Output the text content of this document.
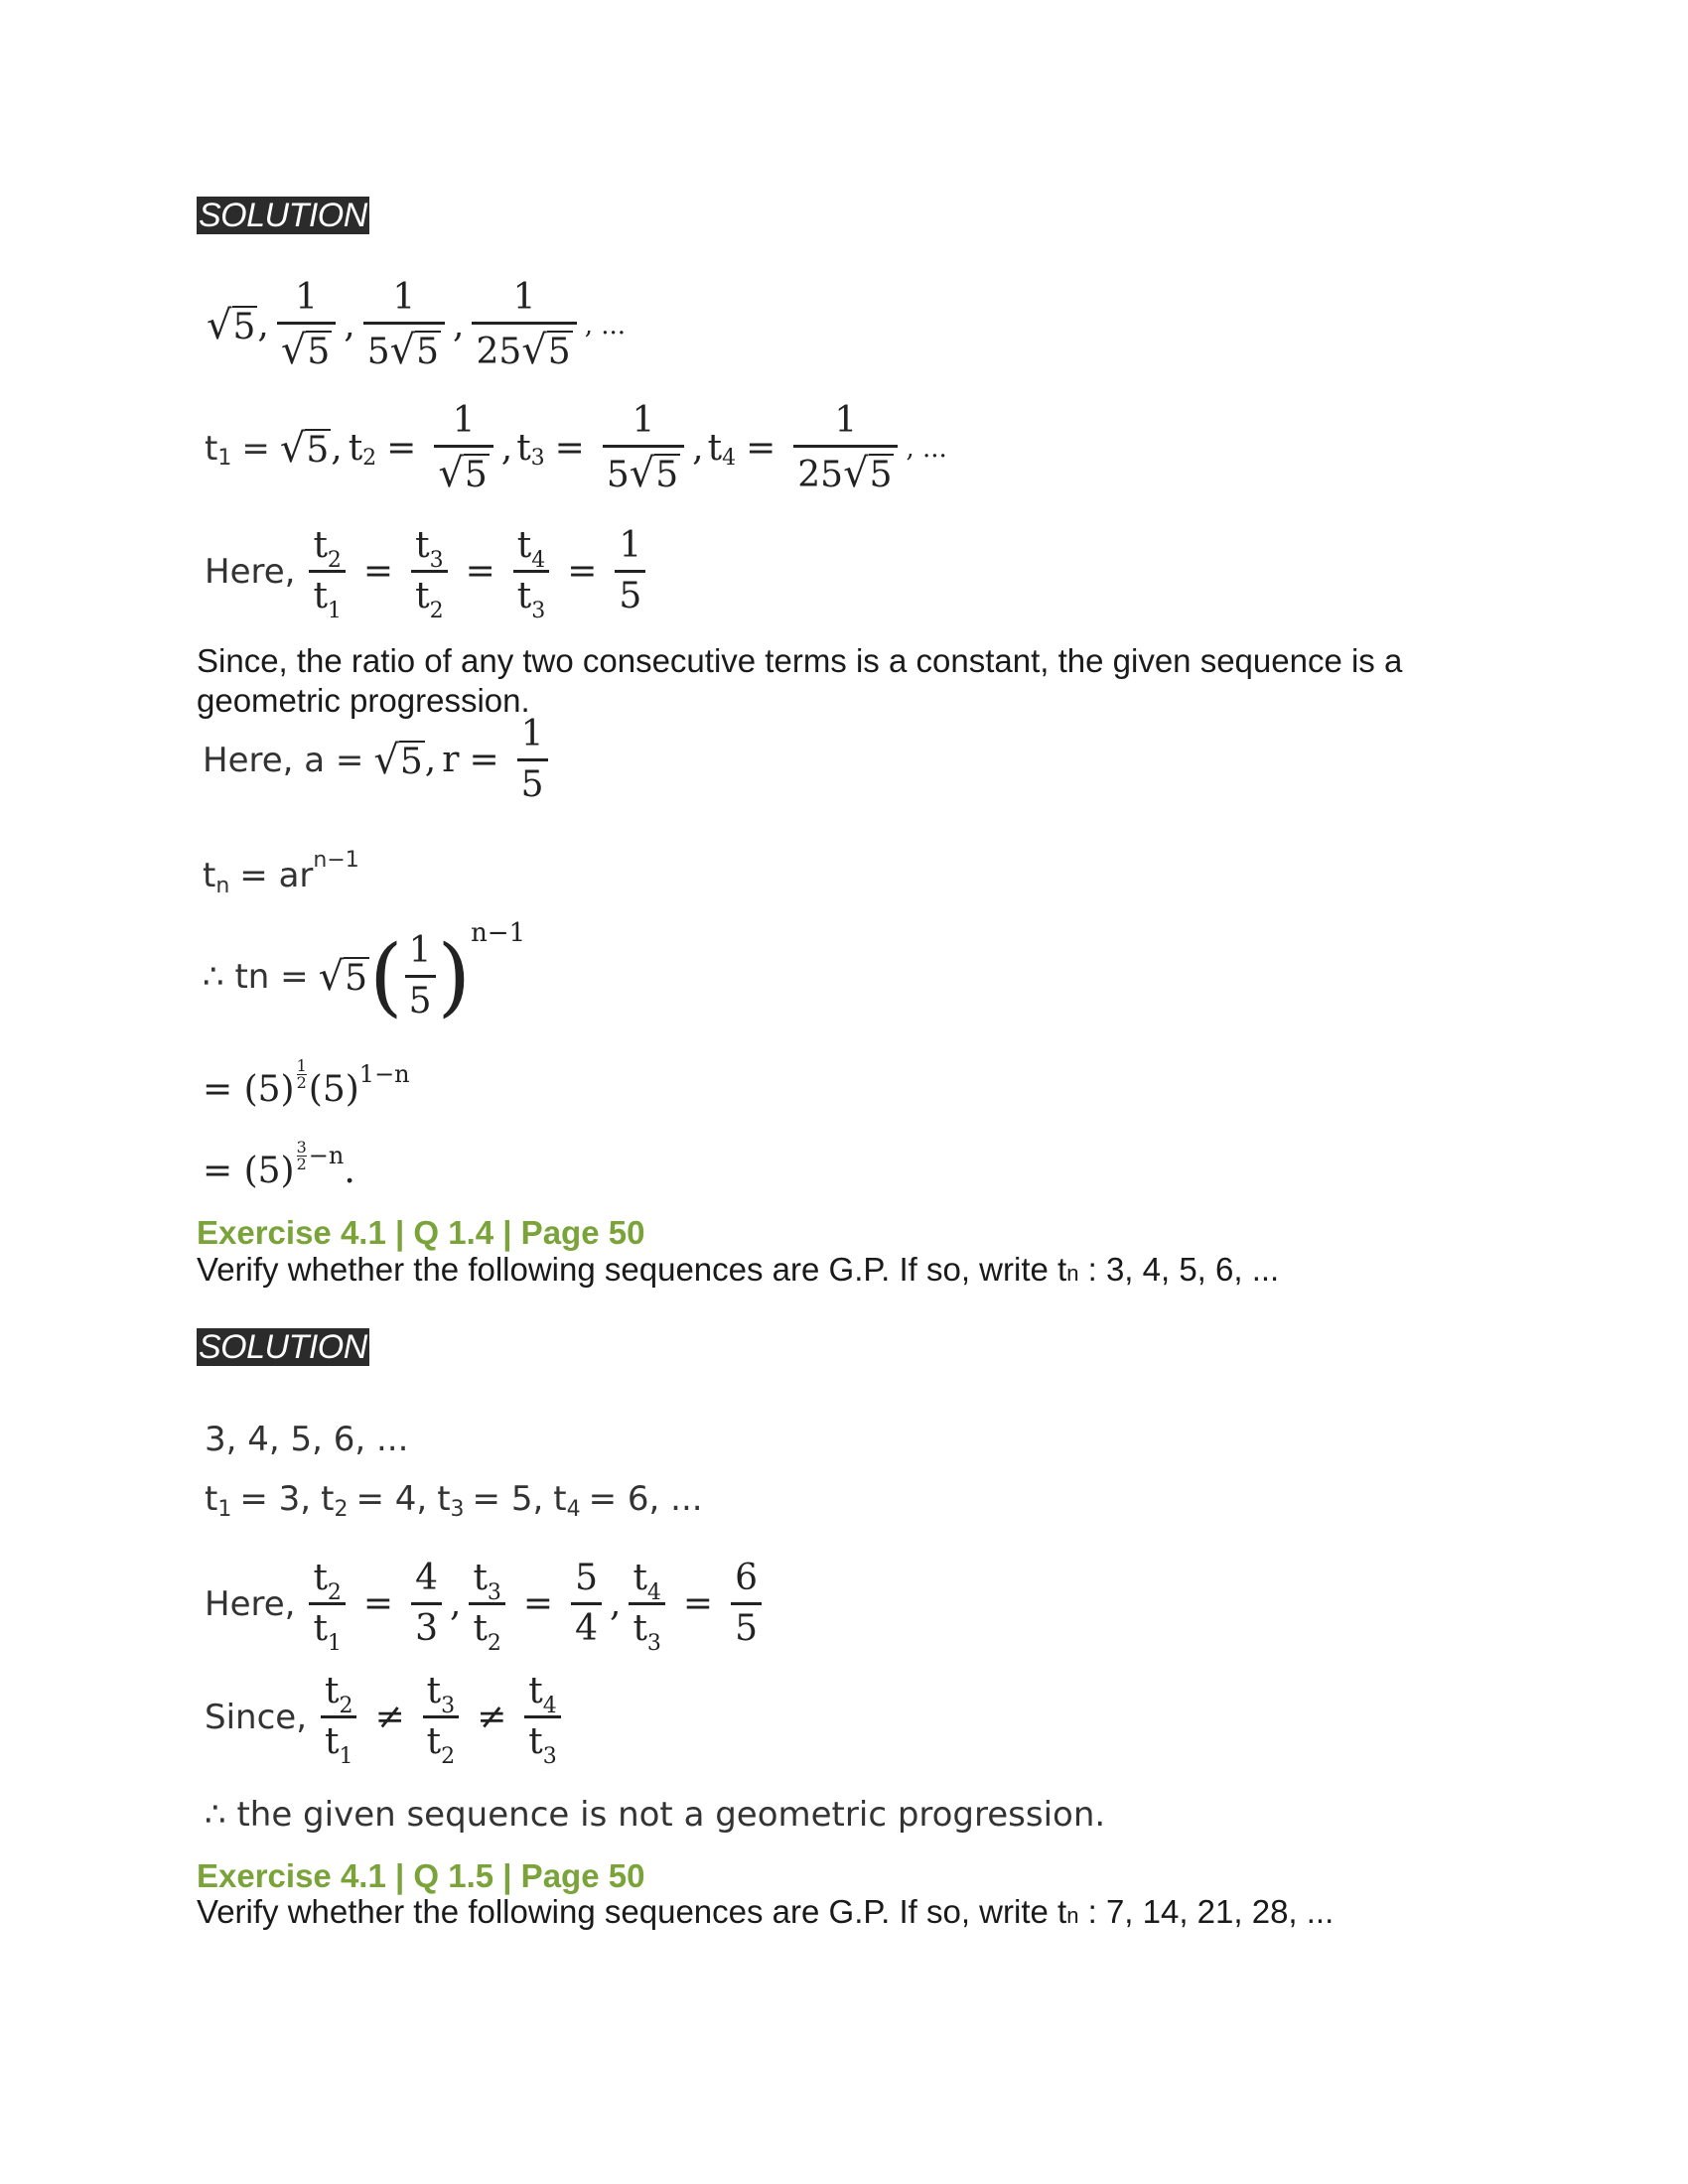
SOLUTION
√ 5 , $\frac{1}{√ 5}$ , $\frac{1}{5 √ 5}$ , $\frac{1}{25 √ 5}$ , ...
t 1 = √ 5 , t $2 = \frac{1}{√ 5}$ , t $3 = \frac{1}{5 √ 5}$ , t $4 = \frac{1}{25 √ 5}$ , ...
Here, $\frac{t_2}{t_1} = \frac{t_3}{t_2} = \frac{t_4}{t_3} = \frac{1}{5}$
Since, the ratio of any two consecutive terms is a constant, the given sequence is a
geometric progression.
Here, a = √ 5 , $r = \frac{1}{5}$
t n = ar n−1
∴ tn = √ 5 ( $\frac{1}{5}$ ) n−1
= (5)
1
2 (5) 1−n
= (5)
3
2 −n .
Exercise 4.1 | Q 1.4 | Page 50
Verify whether the following sequences are G.P. If so, write tn : 3, 4, 5, 6, ...
SOLUTION
3, 4, 5, 6, ...
t 1 = 3, t 2 = 4, t 3 = 5, t 4 = 6, ...
Here, $\frac{t_2}{t_1} = \frac{4}{3}$ , $\frac{t_3}{t_2} = \frac{5}{4}$ , $\frac{t_4}{t_3} = \frac{6}{5}$
Since, $\frac{t_2}{t_1} \ne \frac{t_3}{t_2} \ne \frac{t_4}{t_3}$
∴ the given sequence is not a geometric progression.
Exercise 4.1 | Q 1.5 | Page 50
Verify whether the following sequences are G.P. If so, write tn : 7, 14, 21, 28, ...
